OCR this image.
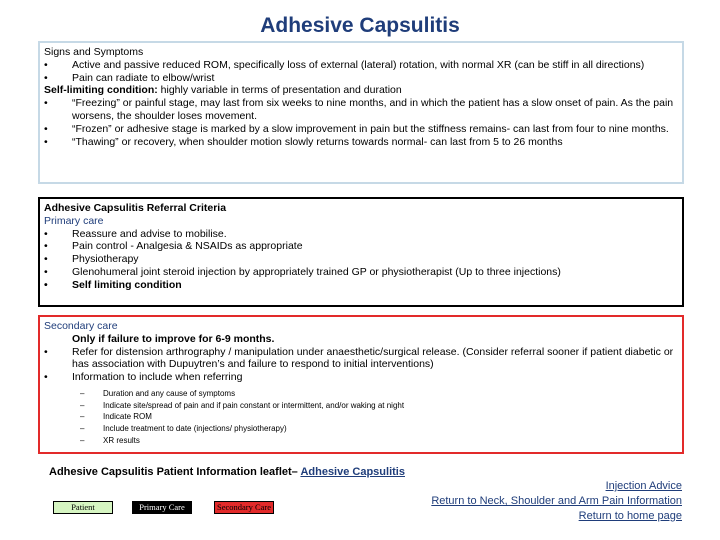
Adhesive Capsulitis
Signs and Symptoms
• Active and passive reduced ROM, specifically loss of external (lateral) rotation, with normal XR (can be stiff in all directions)
• Pain can radiate to elbow/wrist
Self-limiting condition: highly variable in terms of presentation and duration
• “Freezing” or painful stage, may last from six weeks to nine months, and in which the patient has a slow onset of pain. As the pain worsens, the shoulder loses movement.
• “Frozen” or adhesive stage is marked by a slow improvement in pain but the stiffness remains- can last from four to nine months.
• “Thawing” or recovery, when shoulder motion slowly returns towards normal- can last from 5 to 26 months
Adhesive Capsulitis Referral Criteria
Primary care
• Reassure and advise to mobilise.
• Pain control - Analgesia & NSAIDs as appropriate
• Physiotherapy
• Glenohumeral joint steroid injection by appropriately trained GP or physiotherapist (Up to three injections)
• Self limiting condition
Secondary care
Only if failure to improve for 6-9 months.
• Refer for distension arthrography / manipulation under anaesthetic/surgical release. (Consider referral sooner if patient diabetic or has association with Dupuytren’s and failure to respond to initial interventions)
• Information to include when referring
– Duration and any cause of symptoms
– Indicate site/spread of pain and if pain constant or intermittent, and/or waking at night
– Indicate ROM
– Include treatment to date (injections/ physiotherapy)
– XR results
Adhesive Capsulitis Patient Information leaflet– Adhesive Capsulitis
Patient	Primary Care	Secondary Care
Injection Advice
Return to Neck, Shoulder and Arm Pain Information
Return to home page
